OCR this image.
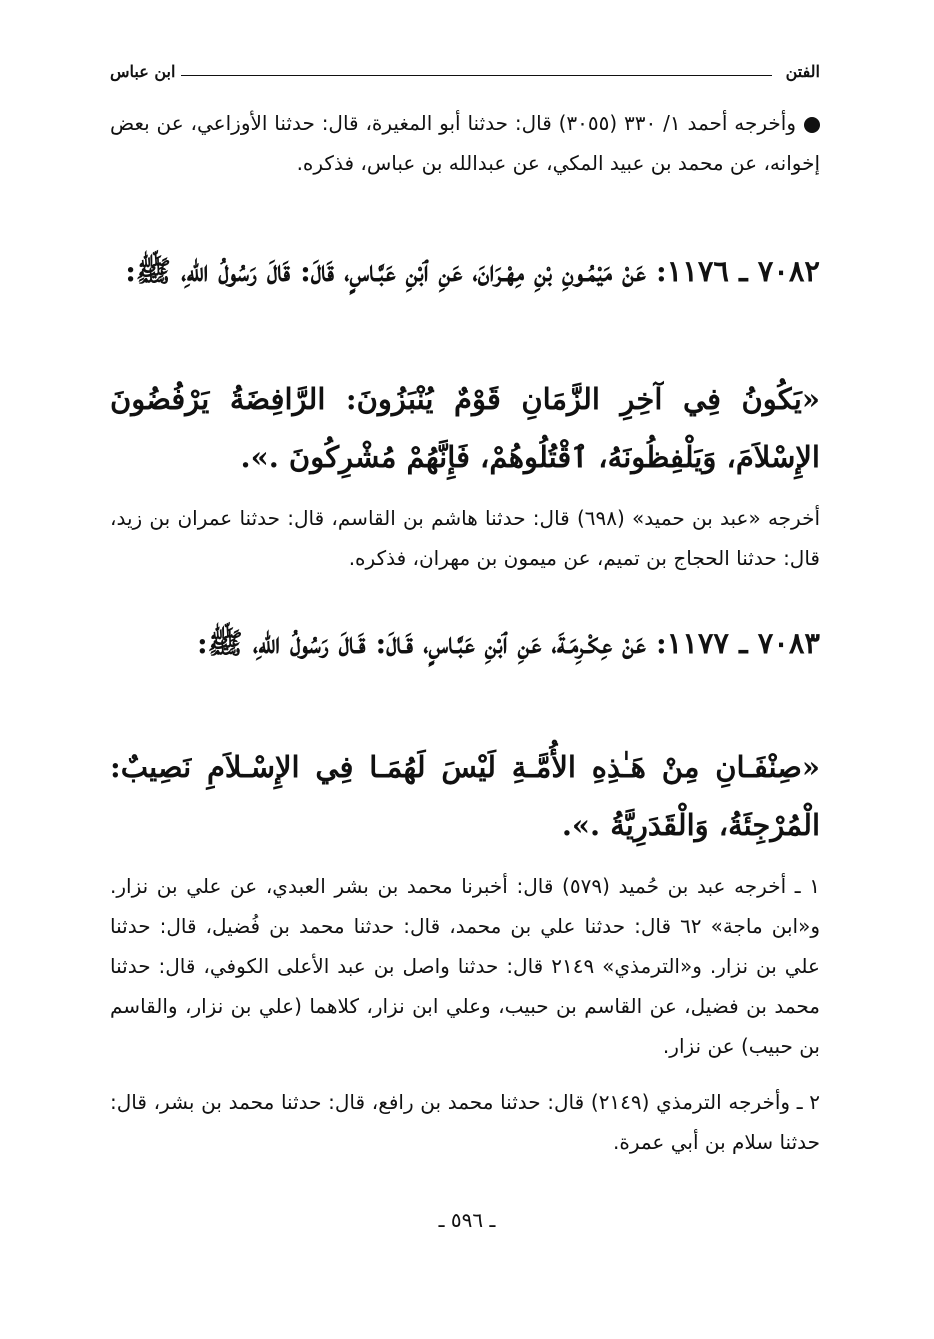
الفتن
ابن عباس
وأخرجه أحمد ١/ ٣٣٠ (٣٠٥٥) قال: حدثنا أبو المغيرة، قال: حدثنا الأوزاعي، عن بعض إخوانه، عن محمد بن عبيد المكي، عن عبدالله بن عباس، فذكره.
٧٠٨٢ ـ ١١٧٦: عَنْ مَيْمُـونِ بْنِ مِهْـرَانَ، عَنِ ٱبْنِ عَبَّـاسٍ، قَالَ: قَالَ رَسُولُ اللّٰهِ، ﷺ:
«يَكُونُ فِي آخِرِ الزَّمَانِ قَوْمٌ يُنْبَزُونَ: الرَّافِضَةُ يَرْفُضُونَ الإِسْلاَمَ، وَيَلْفِظُونَهُ، ٱقْتُلُوهُمْ، فَإِنَّهُمْ مُشْرِكُونَ .».
أخرجه «عبد بن حميد» (٦٩٨) قال: حدثنا هاشم بن القاسم، قال: حدثنا عمران بن زيد، قال: حدثنا الحجاج بن تميم، عن ميمون بن مهران، فذكره.
٧٠٨٣ ـ ١١٧٧: عَنْ عِكْـرِمَـةَ، عَنِ ٱبْنِ عَبَّـاسٍ، قَـالَ: قَـالَ رَسُولُ اللّٰهِ، ﷺ:
«صِنْفَـانِ مِنْ هَـٰذِهِ الأُمَّـةِ لَيْسَ لَهُمَـا فِي الإِسْـلاَمِ نَصِيبٌ: الْمُرْجِئَةُ، وَالْقَدَرِيَّةُ .».
١ ـ أخرجه عبد بن حُميد (٥٧٩) قال: أخبرنا محمد بن بشر العبدي، عن علي بن نزار. و«ابن ماجة» ٦٢ قال: حدثنا علي بن محمد، قال: حدثنا محمد بن فُضيل، قال: حدثنا علي بن نزار. و«الترمذي» ٢١٤٩ قال: حدثنا واصل بن عبد الأعلى الكوفي، قال: حدثنا محمد بن فضيل، عن القاسم بن حبيب، وعلي ابن نزار، كلاهما (علي بن نزار، والقاسم بن حبيب) عن نزار.
٢ ـ وأخرجه الترمذي (٢١٤٩) قال: حدثنا محمد بن رافع، قال: حدثنا محمد بن بشر، قال: حدثنا سلام بن أبي عمرة.
ـ ٥٩٦ ـ
